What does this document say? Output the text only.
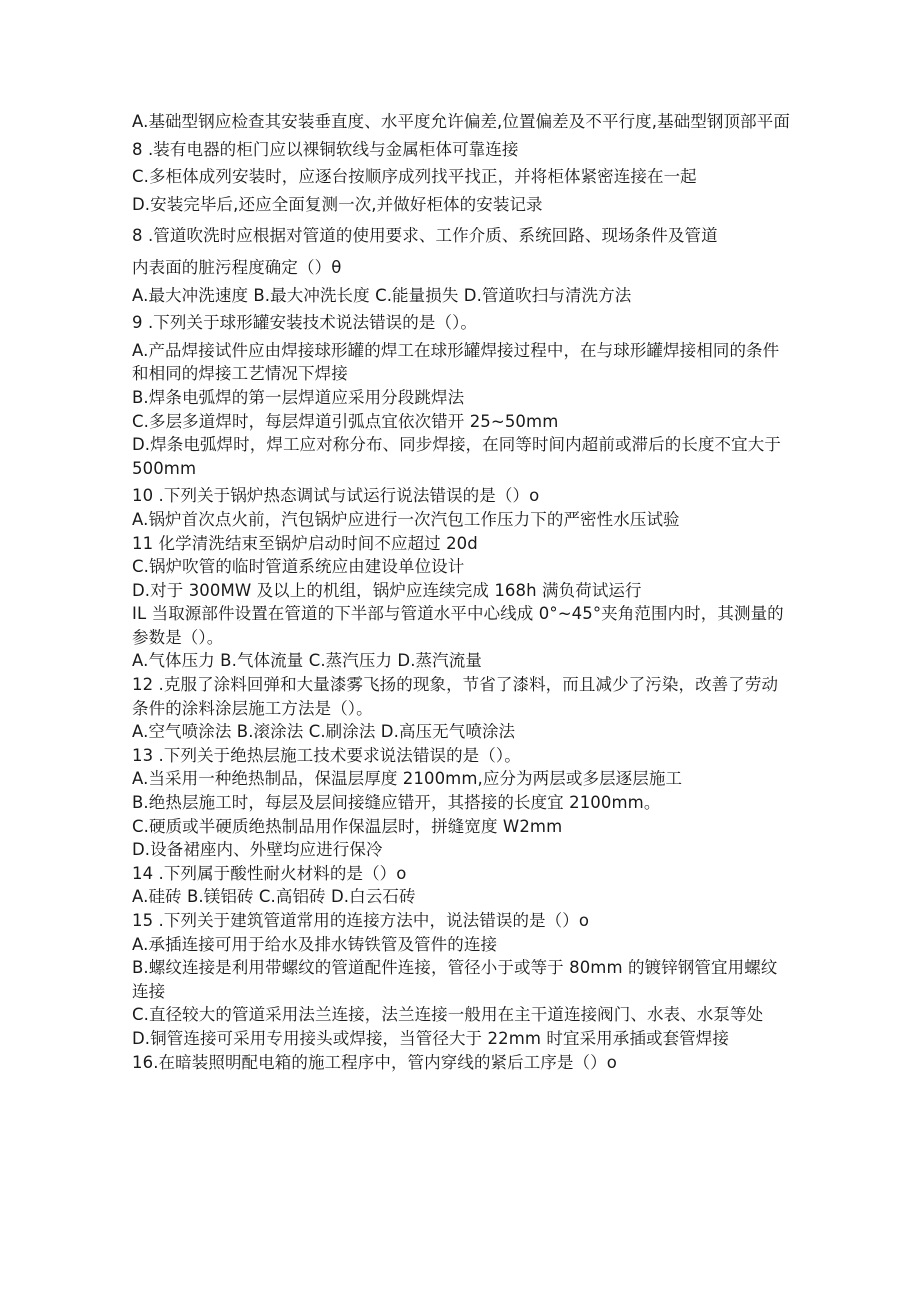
A.基础型钢应检查其安装垂直度、水平度允许偏差,位置偏差及不平行度,基础型钢顶部平面
8 .装有电器的柜门应以裸铜软线与金属柜体可靠连接
C.多柜体成列安装时，应逐台按顺序成列找平找正，并将柜体紧密连接在一起
D.安装完毕后,还应全面复测一次,并做好柜体的安装记录
8 .管道吹洗时应根据对管道的使用要求、工作介质、系统回路、现场条件及管道
内表面的脏污程度确定（）θ
A.最大冲洗速度 B.最大冲洗长度 C.能量损失 D.管道吹扫与清洗方法
9 .下列关于球形罐安装技术说法错误的是（）。
A.产品焊接试件应由焊接球形罐的焊工在球形罐焊接过程中，在与球形罐焊接相同的条件和相同的焊接工艺情况下焊接
B.焊条电弧焊的第一层焊道应采用分段跳焊法
C.多层多道焊时，每层焊道引弧点宜依次错开 25~50mm
D.焊条电弧焊时，焊工应对称分布、同步焊接，在同等时间内超前或滞后的长度不宜大于 500mm
10 .下列关于锅炉热态调试与试运行说法错误的是（）o
A.锅炉首次点火前，汽包锅炉应进行一次汽包工作压力下的严密性水压试验
11 化学清洗结束至锅炉启动时间不应超过 20d
C.锅炉吹管的临时管道系统应由建设单位设计
D.对于 300MW 及以上的机组，锅炉应连续完成 168h 满负荷试运行
IL 当取源部件设置在管道的下半部与管道水平中心线成 0°~45°夹角范围内时，其测量的参数是（）。
A.气体压力 B.气体流量 C.蒸汽压力 D.蒸汽流量
12 .克服了涂料回弹和大量漆雾飞扬的现象，节省了漆料，而且减少了污染，改善了劳动条件的涂料涂层施工方法是（）。
A.空气喷涂法 B.滚涂法 C.刷涂法 D.高压无气喷涂法
13 .下列关于绝热层施工技术要求说法错误的是（）。
A.当采用一种绝热制品，保温层厚度 2100mm,应分为两层或多层逐层施工
B.绝热层施工时，每层及层间接缝应错开，其搭接的长度宜 2100mm。
C.硬质或半硬质绝热制品用作保温层时，拼缝宽度 W2mm
D.设备裙座内、外壁均应进行保冷
14 .下列属于酸性耐火材料的是（）o
A.硅砖 B.镁铝砖 C.高铝砖 D.白云石砖
15 .下列关于建筑管道常用的连接方法中，说法错误的是（）o
A.承插连接可用于给水及排水铸铁管及管件的连接
B.螺纹连接是利用带螺纹的管道配件连接，管径小于或等于 80mm 的镀锌钢管宜用螺纹连接
C.直径较大的管道采用法兰连接，法兰连接一般用在主干道连接阀门、水表、水泵等处
D.铜管连接可采用专用接头或焊接，当管径大于 22mm 时宜采用承插或套管焊接
16.在暗装照明配电箱的施工程序中，管内穿线的紧后工序是（）o
